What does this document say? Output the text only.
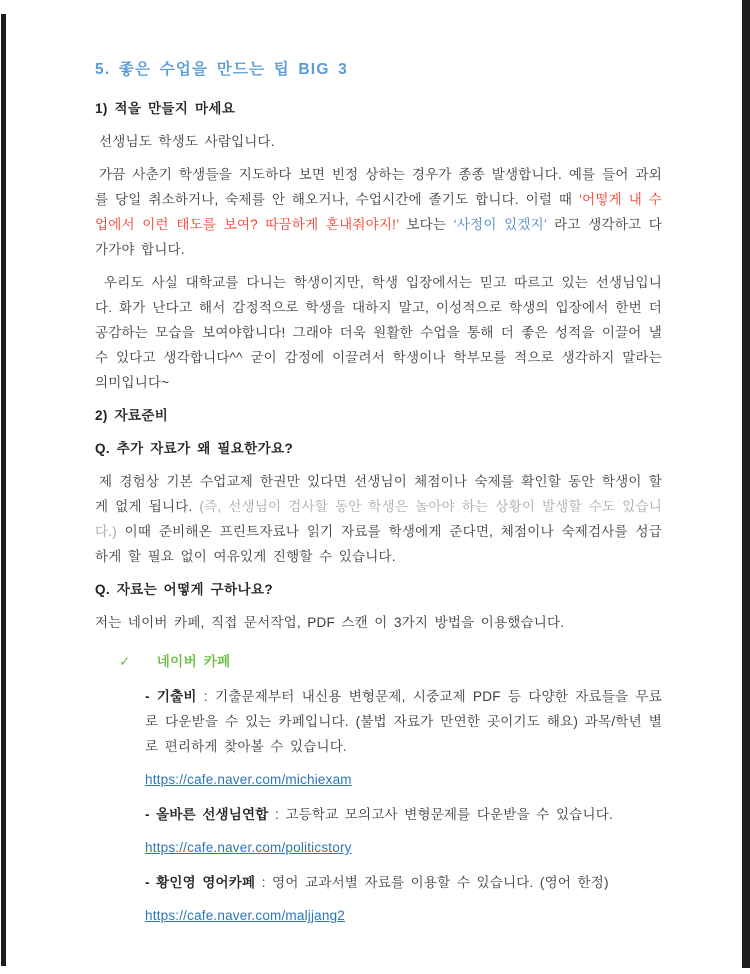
5. 좋은 수업을 만드는 팁 BIG 3

1) 적을 만들지 마세요

선생님도 학생도 사람입니다.

가끔 사춘기 학생들을 지도하다 보면 빈정 상하는 경우가 종종 발생합니다. 예를 들어 과외를 당일 취소하거나, 숙제를 안 해오거나, 수업시간에 졸기도 합니다. 이럴 때 ‘어떻게 내 수업에서 이런 태도를 보여? 따끔하게 혼내줘야지!’ 보다는 ‘사정이 있겠지’ 라고 생각하고 다가가야 합니다.

우리도 사실 대학교를 다니는 학생이지만, 학생 입장에서는 믿고 따르고 있는 선생님입니다. 화가 난다고 해서 감정적으로 학생을 대하지 말고, 이성적으로 학생의 입장에서 한번 더 공감하는 모습을 보여야합니다! 그래야 더욱 원활한 수업을 통해 더 좋은 성적을 이끌어 낼 수 있다고 생각합니다^^ 굳이 감정에 이끌려서 학생이나 학부모를 적으로 생각하지 말라는 의미입니다~

2) 자료준비

Q. 추가 자료가 왜 필요한가요?

제 경험상 기본 수업교제 한권만 있다면 선생님이 체점이나 숙제를 확인할 동안 학생이 할 게 없게 됩니다. (즉, 선생님이 검사할 동안 학생은 놀아야 하는 상황이 발생할 수도 있습니다.) 이때 준비해온 프린트자료나 읽기 자료를 학생에게 준다면, 체점이나 숙제검사를 성급하게 할 필요 없이 여유있게 진행할 수 있습니다.

Q. 자료는 어떻게 구하나요?

저는 네이버 카페, 직접 문서작업, PDF 스캔 이 3가지 방법을 이용했습니다.

✓ 네이버 카페

- 기출비 : 기출문제부터 내신용 변형문제, 시중교제 PDF 등 다양한 자료들을 무료로 다운받을 수 있는 카페입니다. (불법 자료가 만연한 곳이기도 해요) 과목/학년 별로 편리하게 찾아볼 수 있습니다.

https://cafe.naver.com/michiexam

- 올바른 선생님연합 : 고등학교 모의고사 변형문제를 다운받을 수 있습니다.

https://cafe.naver.com/politicstory

- 황인영 영어카페 : 영어 교과서별 자료를 이용할 수 있습니다. (영어 한정)

https://cafe.naver.com/maljjang2
